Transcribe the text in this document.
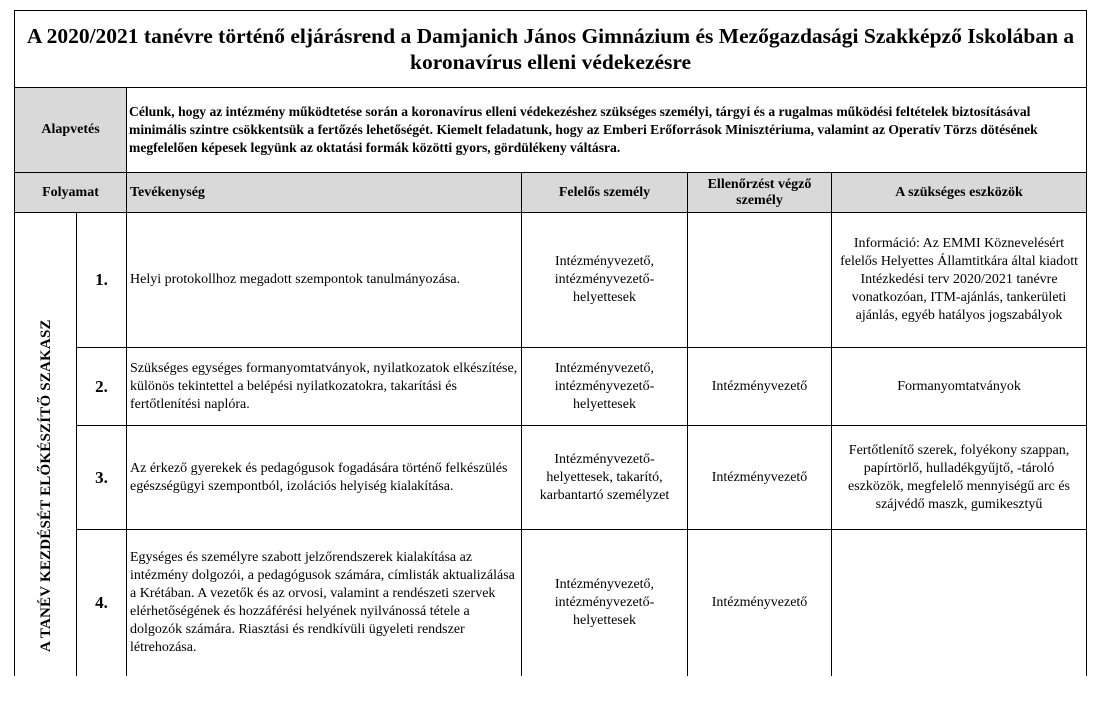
A 2020/2021 tanévre történő eljárásrend a Damjanich János Gimnázium és Mezőgazdasági Szakképző Iskolában a koronavírus elleni védekezésre					
Alapvetés		Célunk, hogy az intézmény működtetése során a koronavírus elleni védekezéshez szükséges személyi, tárgyi és a rugalmas működési feltételek biztosításával minimális szintre csökkentsük a fertőzés lehetőségét. Kiemelt feladatunk, hogy az Emberi Erőforrások Minisztériuma, valamint az Operatív Törzs dötésének megfelelően képesek legyünk az oktatási formák közötti gyors, gördülékeny váltásra.			
Folyamat		Tevékenység	Felelős személy	Ellenőrzést végző személy	A szükséges eszközök

A TANÉV KEZDÉSÉT ELŐKÉSZÍTŐ SZAKASZ	1.	Helyi protokollhoz megadott szempontok tanulmányozása.	Intézményvezető, intézményvezető-helyettesek		Információ: Az EMMI Köznevelésért felelős Helyettes Államtitkára által kiadott Intézkedési terv 2020/2021 tanévre vonatkozóan, ITM-ajánlás, tankerületi ajánlás, egyéb hatályos jogszabályok
	2.	Szükséges egységes formanyomtatványok, nyilatkozatok elkészítése, különös tekintettel a belépési nyilatkozatokra, takarítási és fertőtlenítési naplóra.	Intézményvezető, intézményvezető-helyettesek	Intézményvezető	Formanyomtatványok
	3.	Az érkező gyerekek és pedagógusok fogadására történő felkészülés egészségügyi szempontból, izolációs helyiség kialakítása.	Intézményvezető-helyettesek, takarító, karbantartó személyzet	Intézményvezető	Fertőtlenítő szerek, folyékony szappan, papírtörlő, hulladékgyűjtő, -tároló eszközök, megfelelő mennyiségű arc és szájvédő maszk, gumikesztyű
	4.	Egységes és személyre szabott jelzőrendszerek kialakítása az intézmény dolgozói, a pedagógusok számára, címlisták aktualizálása a Krétában. A vezetők és az orvosi, valamint a rendészeti szervek elérhetőségének és hozzáférési helyének nyilvánossá tétele a dolgozók számára. Riasztási és rendkívüli ügyeleti rendszer létrehozása.	Intézményvezető, intézményvezető-helyettesek	Intézményvezető	
